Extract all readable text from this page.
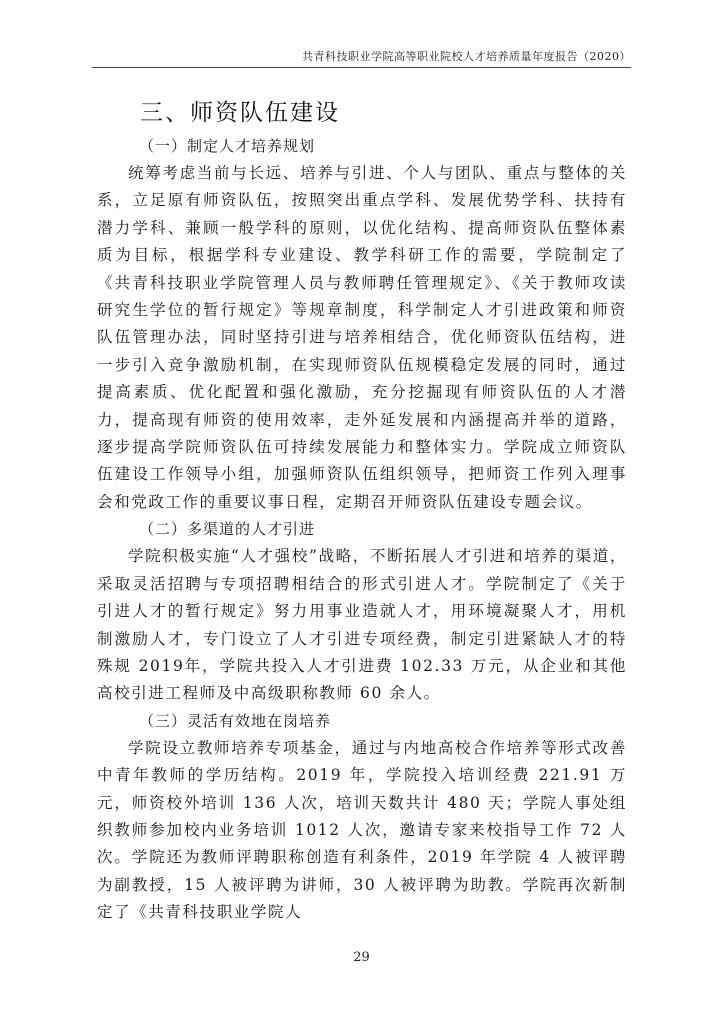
共青科技职业学院高等职业院校人才培养质量年度报告（2020）
三、师资队伍建设
（一）制定人才培养规划

统筹考虑当前与长远、培养与引进、个人与团队、重点与整体的关系，立足原有师资队伍，按照突出重点学科、发展优势学科、扶持有潜力学科、兼顾一般学科的原则，以优化结构、提高师资队伍整体素质为目标，根据学科专业建设、教学科研工作的需要，学院制定了《共青科技职业学院管理人员与教师聘任管理规定》、《关于教师攻读研究生学位的暂行规定》等规章制度，科学制定人才引进政策和师资队伍管理办法，同时坚持引进与培养相结合，优化师资队伍结构，进一步引入竞争激励机制，在实现师资队伍规模稳定发展的同时，通过提高素质、优化配置和强化激励，充分挖掘现有师资队伍的人才潜力，提高现有师资的使用效率，走外延发展和内涵提高并举的道路，逐步提高学院师资队伍可持续发展能力和整体实力。学院成立师资队伍建设工作领导小组，加强师资队伍组织领导，把师资工作列入理事会和党政工作的重要议事日程，定期召开师资队伍建设专题会议。

（二）多渠道的人才引进

学院积极实施“人才强校”战略，不断拓展人才引进和培养的渠道，采取灵活招聘与专项招聘相结合的形式引进人才。学院制定了《关于引进人才的暂行规定》努力用事业造就人才，用环境凝聚人才，用机制激励人才，专门设立了人才引进专项经费，制定引进紧缺人才的特殊规 2019年，学院共投入人才引进费 102.33 万元，从企业和其他高校引进工程师及中高级职称教师 60 余人。

（三）灵活有效地在岗培养

学院设立教师培养专项基金，通过与内地高校合作培养等形式改善中青年教师的学历结构。2019 年，学院投入培训经费 221.91 万元，师资校外培训 136 人次，培训天数共计 480 天；学院人事处组织教师参加校内业务培训 1012 人次，邀请专家来校指导工作 72 人次。学院还为教师评聘职称创造有利条件，2019 年学院 4 人被评聘为副教授，15 人被评聘为讲师，30 人被评聘为助教。学院再次新制定了《共青科技职业学院人

29
